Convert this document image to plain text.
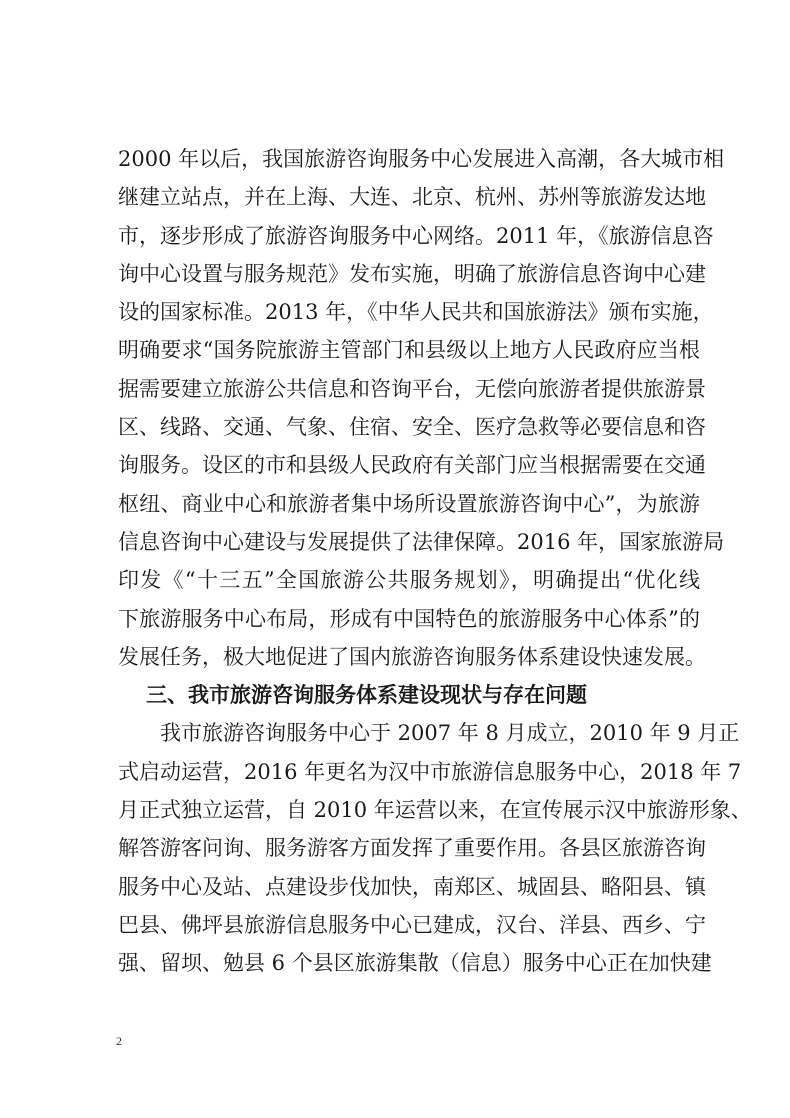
2000 年以后，我国旅游咨询服务中心发展进入高潮，各大城市相
继建立站点，并在上海、大连、北京、杭州、苏州等旅游发达地
市，逐步形成了旅游咨询服务中心网络。2011 年，《旅游信息咨
询中心设置与服务规范》发布实施，明确了旅游信息咨询中心建
设的国家标准。2013 年，《中华人民共和国旅游法》颁布实施，
明确要求“国务院旅游主管部门和县级以上地方人民政府应当根
据需要建立旅游公共信息和咨询平台，无偿向旅游者提供旅游景
区、线路、交通、气象、住宿、安全、医疗急救等必要信息和咨
询服务。设区的市和县级人民政府有关部门应当根据需要在交通
枢纽、商业中心和旅游者集中场所设置旅游咨询中心”，为旅游
信息咨询中心建设与发展提供了法律保障。2016 年，国家旅游局
印发《“十三五”全国旅游公共服务规划》，明确提出“优化线
下旅游服务中心布局，形成有中国特色的旅游服务中心体系”的
发展任务，极大地促进了国内旅游咨询服务体系建设快速发展。
三、我市旅游咨询服务体系建设现状与存在问题
我市旅游咨询服务中心于 2007 年 8 月成立，2010 年 9 月正
式启动运营，2016 年更名为汉中市旅游信息服务中心，2018 年 7
月正式独立运营，自 2010 年运营以来，在宣传展示汉中旅游形象、
解答游客问询、服务游客方面发挥了重要作用。各县区旅游咨询
服务中心及站、点建设步伐加快，南郑区、城固县、略阳县、镇
巴县、佛坪县旅游信息服务中心已建成，汉台、洋县、西乡、宁
强、留坝、勉县 6 个县区旅游集散（信息）服务中心正在加快建
2
